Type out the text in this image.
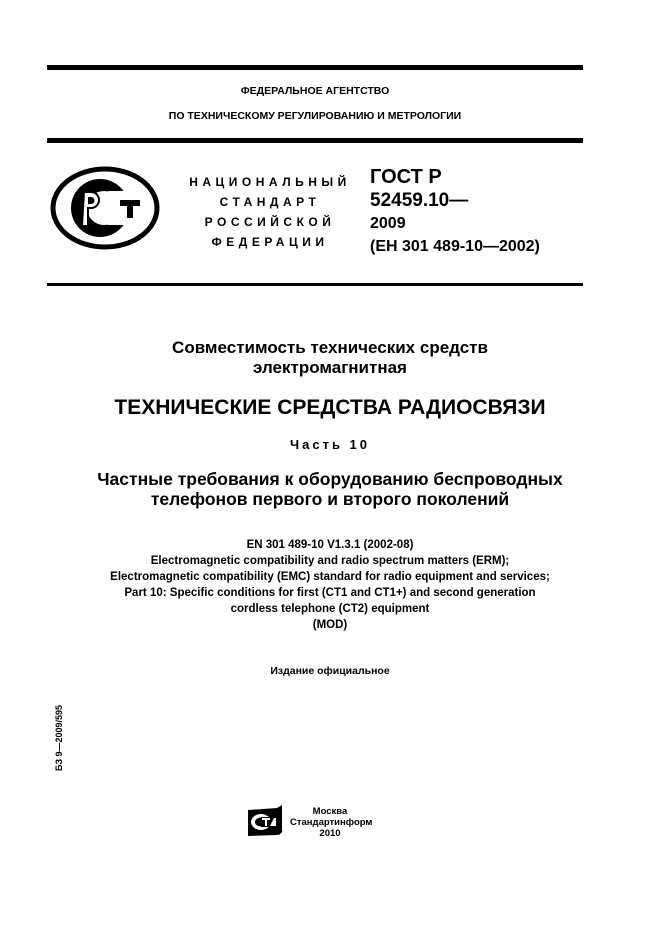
ФЕДЕРАЛЬНОЕ АГЕНТСТВО
ПО ТЕХНИЧЕСКОМУ РЕГУЛИРОВАНИЮ И МЕТРОЛОГИИ
НАЦИОНАЛЬНЫЙ
СТАНДАРТ
РОССИЙСКОЙ
ФЕДЕРАЦИИ
ГОСТ Р
52459.10—
2009
(ЕН 301 489-10—2002)
Совместимость технических средств
электромагнитная
ТЕХНИЧЕСКИЕ СРЕДСТВА РАДИОСВЯЗИ
Часть 10
Частные требования к оборудованию беспроводных
телефонов первого и второго поколений
EN 301 489-10 V1.3.1 (2002-08)
Electromagnetic compatibility and radio spectrum matters (ERM);
Electromagnetic compatibility (EMC) standard for radio equipment and services;
Part 10: Specific conditions for first (CT1 and CT1+) and second generation
cordless telephone (CT2) equipment
(MOD)
Издание официальное
БЗ 9—2009/595
Москва
Стандартинформ
2010
